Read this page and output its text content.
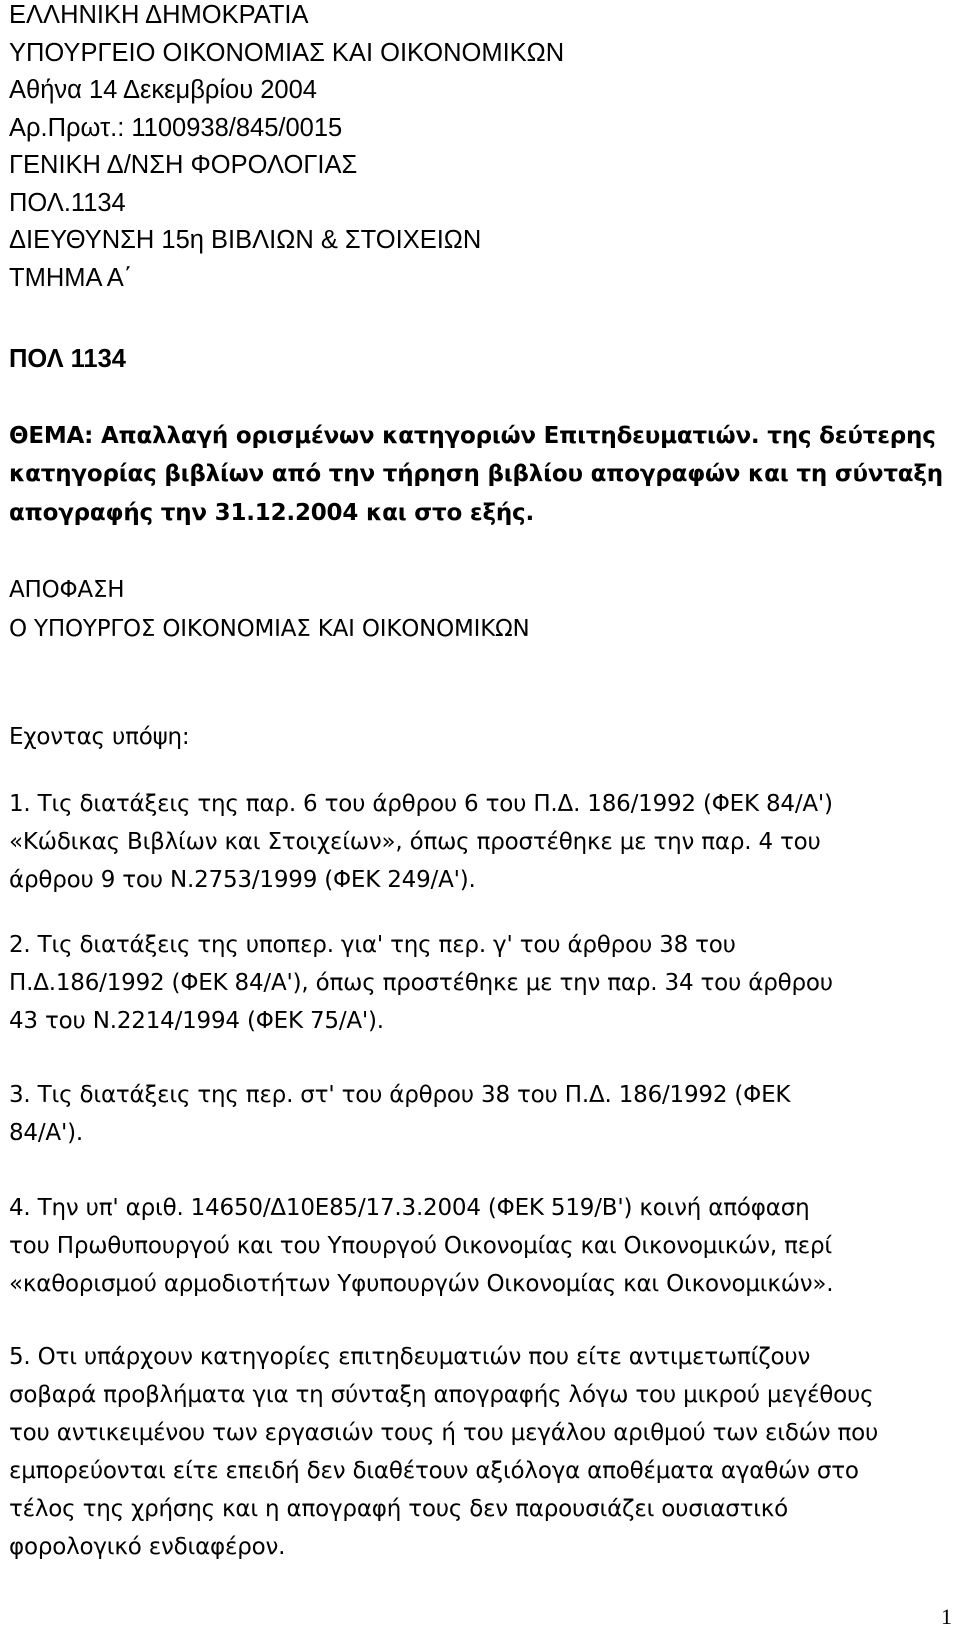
ΕΛΛΗΝΙΚΗ ΔΗΜΟΚΡΑΤΙΑ
ΥΠΟΥΡΓΕΙΟ ΟΙΚΟΝΟΜΙΑΣ ΚΑΙ ΟΙΚΟΝΟΜΙΚΩΝ
Αθήνα 14 Δεκεμβρίου 2004
Αρ.Πρωτ.: 1100938/845/0015
ΓΕΝΙΚΗ Δ/ΝΣΗ ΦΟΡΟΛΟΓΙΑΣ
ΠΟΛ.1134
ΔΙΕΥΘΥΝΣΗ 15η ΒΙΒΛΙΩΝ & ΣΤΟΙΧΕΙΩΝ
ΤΜΗΜΑ Α΄
ΠΟΛ 1134
ΘΕΜΑ: Απαλλαγή ορισμένων κατηγοριών Επιτηδευματιών. της δεύτερης
κατηγορίας βιβλίων από την τήρηση βιβλίου απογραφών και τη σύνταξη
απογραφής την 31.12.2004 και στο εξής.
ΑΠΟΦΑΣΗ
Ο ΥΠΟΥΡΓΟΣ ΟΙΚΟΝΟΜΙΑΣ ΚΑΙ ΟΙΚΟΝΟΜΙΚΩΝ
Εχοντας υπόψη:
1. Τις διατάξεις της παρ. 6 του άρθρου 6 του Π.Δ. 186/1992 (ΦΕΚ 84/Α')
«Κώδικας Βιβλίων και Στοιχείων», όπως προστέθηκε με την παρ. 4 του
άρθρου 9 του Ν.2753/1999 (ΦΕΚ 249/Α').
2. Τις διατάξεις της υποπερ. για' της περ. γ' του άρθρου 38 του
Π.Δ.186/1992 (ΦΕΚ 84/Α'), όπως προστέθηκε με την παρ. 34 του άρθρου
43 του Ν.2214/1994 (ΦΕΚ 75/Α').
3. Τις διατάξεις της περ. στ' του άρθρου 38 του Π.Δ. 186/1992 (ΦΕΚ
84/Α').
4. Την υπ' αριθ. 14650/Δ10Ε85/17.3.2004 (ΦΕΚ 519/Β') κοινή απόφαση
του Πρωθυπουργού και του Υπουργού Οικονομίας και Οικονομικών, περί
«καθορισμού αρμοδιοτήτων Υφυπουργών Οικονομίας και Οικονομικών».
5. Οτι υπάρχουν κατηγορίες επιτηδευματιών που είτε αντιμετωπίζουν
σοβαρά προβλήματα για τη σύνταξη απογραφής λόγω του μικρού μεγέθους
του αντικειμένου των εργασιών τους ή του μεγάλου αριθμού των ειδών που
εμπορεύονται είτε επειδή δεν διαθέτουν αξιόλογα αποθέματα αγαθών στο
τέλος της χρήσης και η απογραφή τους δεν παρουσιάζει ουσιαστικό
φορολογικό ενδιαφέρον.
1
